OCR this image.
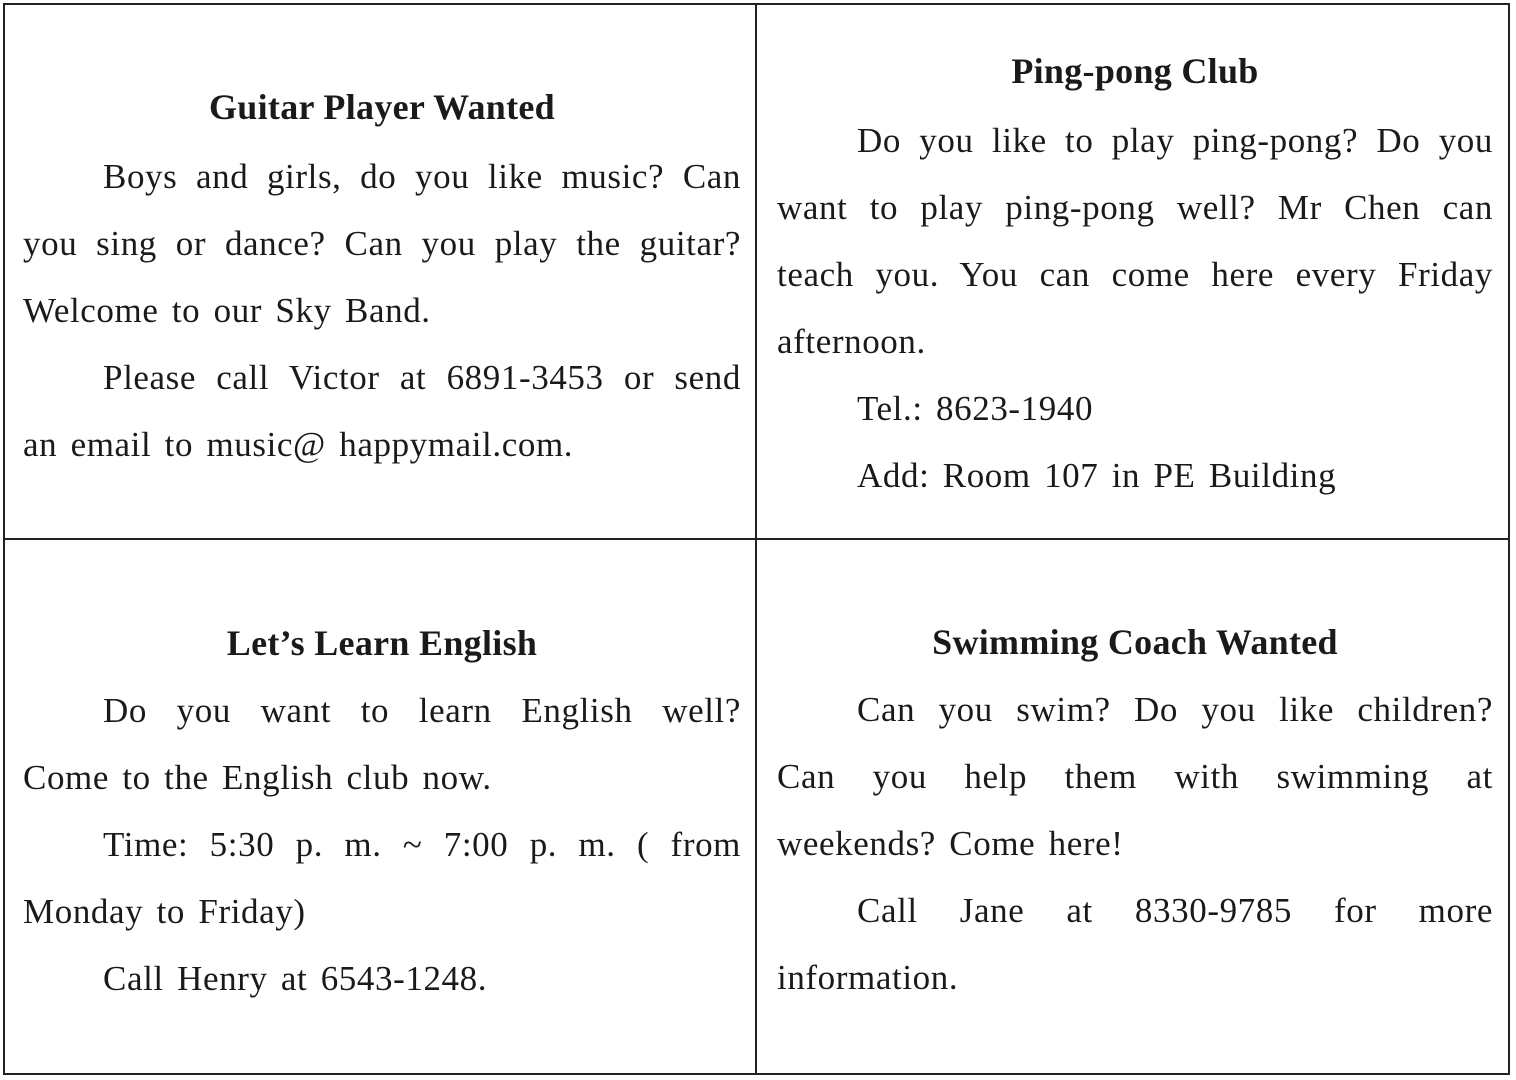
Guitar Player Wanted

Boys and girls, do you like music? Can you sing or dance? Can you play the guitar? Welcome to our Sky Band.

Please call Victor at 6891-3453 or send an email to music@ happymail.com.

Ping-pong Club

Do you like to play ping-pong? Do you want to play ping-pong well? Mr Chen can teach you. You can come here every Friday afternoon.

Tel.: 8623-1940

Add: Room 107 in PE Building

Let’s Learn English

Do you want to learn English well? Come to the English club now.

Time: 5:30 p. m. ~ 7:00 p. m. ( from Monday to Friday)

Call Henry at 6543-1248.

Swimming Coach Wanted

Can you swim? Do you like children? Can you help them with swimming at weekends? Come here!

Call Jane at 8330-9785 for more information.
